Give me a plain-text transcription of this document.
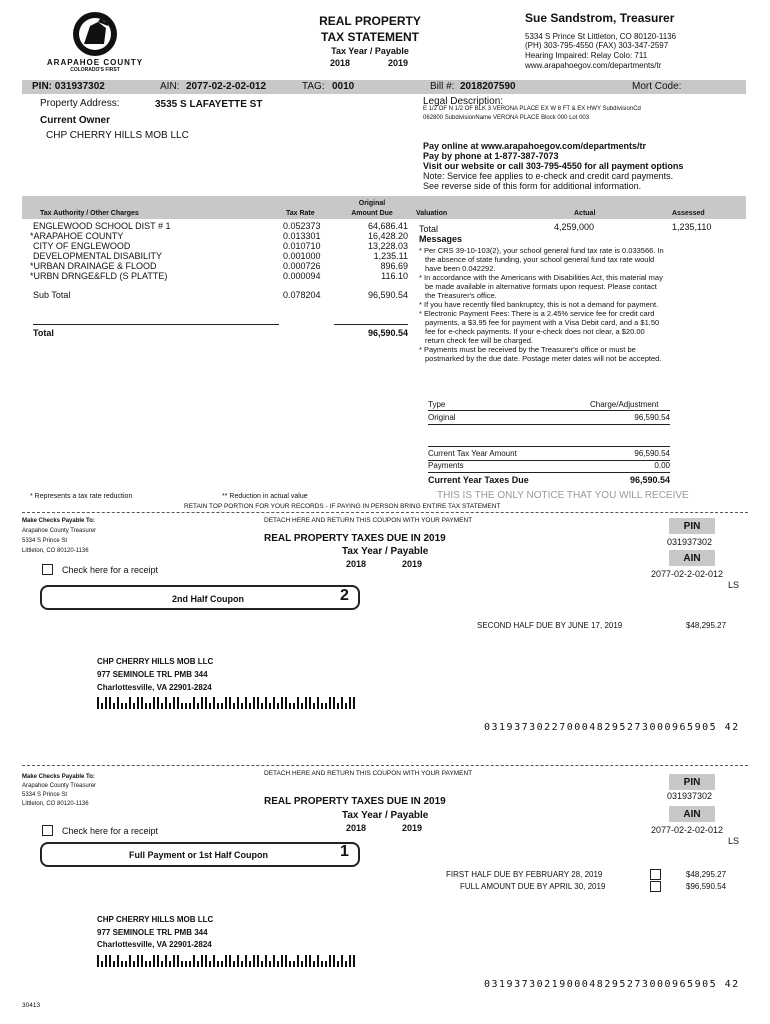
ARAPAHOE COUNTY
COLORADO'S FIRST
REAL PROPERTY
TAX STATEMENT
Tax Year / Payable
2018	2019
Sue Sandstrom, Treasurer
5334 S Prince St Littleton, CO 80120-1136
(PH) 303-795-4550 (FAX) 303-347-2597
Hearing Impaired: Relay Colo: 711
www.arapahoegov.com/departments/tr
PIN: 031937302	AIN: 2077-02-2-02-012	TAG: 0010	Bill #: 2018207590	Mort Code:
Property Address:	3535 S LAFAYETTE ST
Current Owner
CHP CHERRY HILLS MOB LLC
Legal Description:
E 1/2 OF N 1/2 OF BLK 3 VERONA PLACE EX W 8 FT & EX HWY SubdivisionCd
062800 SubdivisionName VERONA PLACE Block 000 Lot 003
Pay online at www.arapahoegov.com/departments/tr
Pay by phone at 1-877-387-7073
Visit our website or call 303-795-4550 for all payment options
Note: Service fee applies to e-check and credit card payments.
See reverse side of this form for additional information.
Tax Authority / Other Charges	Tax Rate
Original
Amount Due	Valuation	Actual	Assessed
ENGLEWOOD SCHOOL DIST # 1	0.052373	64,686.41
*ARAPAHOE COUNTY	0.013301	16,428.20
CITY OF ENGLEWOOD	0.010710	13,228.03
DEVELOPMENTAL DISABILITY	0.001000	1,235.11
*URBAN DRAINAGE & FLOOD	0.000726	896.69
*URBN DRNGE&FLD (S PLATTE)	0.000094	116.10
Sub Total	0.078204	96,590.54
Total	96,590.54
Total	4,259,000	1,235,110
Messages
* Per CRS 39-10-103(2), your school general fund tax rate is 0.033566. In
the absence of state funding, your school general fund tax rate would
have been 0.042292.
* In accordance with the Americans with Disabilities Act, this material may
be made available in alternative formats upon request. Please contact
the Treasurer's office.
* If you have recently filed bankruptcy, this is not a demand for payment.
* Electronic Payment Fees: There is a 2.45% service fee for credit card
payments, a $3.95 fee for payment with a Visa Debit card, and a $1.50
fee for e-check payments. If your e-check does not clear, a $20.00
return check fee will be charged.
* Payments must be received by the Treasurer's office or must be
postmarked by the due date. Postage meter dates will not be accepted.
Type	Charge/Adjustment
Original	96,590.54
Current Tax Year Amount	96,590.54
Payments	0.00
Current Year Taxes Due	96,590.54
* Represents a tax rate reduction	** Reduction in actual value	THIS IS THE ONLY NOTICE THAT YOU WILL RECEIVE
RETAIN TOP PORTION FOR YOUR RECORDS - IF PAYING IN PERSON BRING ENTIRE TAX STATEMENT
Make Checks Payable To:
Arapahoe County Treasurer
5334 S Prince St
Littleton, CO 80120-1136
DETACH HERE AND RETURN THIS COUPON WITH YOUR PAYMENT
REAL PROPERTY TAXES DUE IN 2019
Tax Year / Payable
2018	2019
PIN
031937302
AIN
2077-02-2-02-012
LS
Check here for a receipt
2nd Half Coupon	2
SECOND HALF DUE BY JUNE 17, 2019	$48,295.27
CHP CHERRY HILLS MOB LLC
977 SEMINOLE TRL PMB 344
Charlottesville, VA 22901-2824
0319373022700048295273000965905 42
Make Checks Payable To:
Arapahoe County Treasurer
5334 S Prince St
Littleton, CO 80120-1136
DETACH HERE AND RETURN THIS COUPON WITH YOUR PAYMENT
REAL PROPERTY TAXES DUE IN 2019
Tax Year / Payable
2018	2019
PIN
031937302
AIN
2077-02-2-02-012
LS
Check here for a receipt
Full Payment or 1st Half Coupon	1
FIRST HALF DUE BY FEBRUARY 28, 2019	$48,295.27
FULL AMOUNT DUE BY APRIL 30, 2019	$96,590.54
CHP CHERRY HILLS MOB LLC
977 SEMINOLE TRL PMB 344
Charlottesville, VA 22901-2824
0319373021900048295273000965905 42
30413
